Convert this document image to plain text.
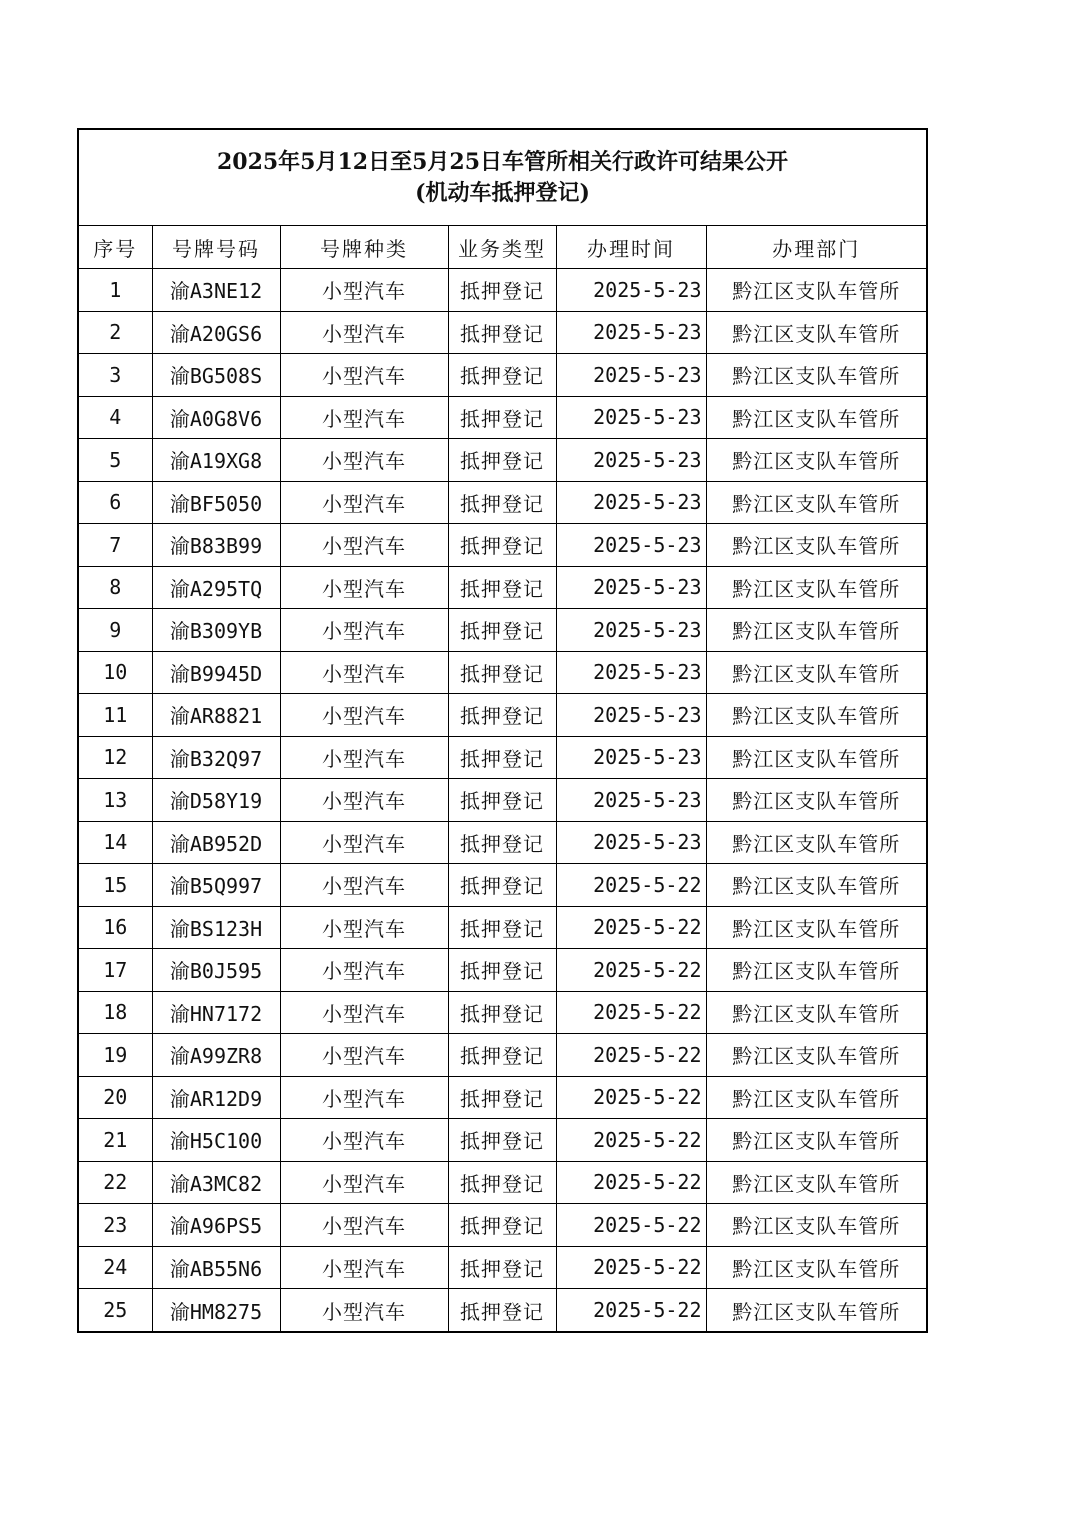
2025年5月12日至5月25日车管所相关行政许可结果公开
(机动车抵押登记)
序号	号牌号码	号牌种类	业务类型	办理时间	办理部门
1	渝A3NE12	小型汽车	抵押登记	2025-5-23	黔江区支队车管所
2	渝A20GS6	小型汽车	抵押登记	2025-5-23	黔江区支队车管所
3	渝BG508S	小型汽车	抵押登记	2025-5-23	黔江区支队车管所
4	渝A0G8V6	小型汽车	抵押登记	2025-5-23	黔江区支队车管所
5	渝A19XG8	小型汽车	抵押登记	2025-5-23	黔江区支队车管所
6	渝BF5050	小型汽车	抵押登记	2025-5-23	黔江区支队车管所
7	渝B83B99	小型汽车	抵押登记	2025-5-23	黔江区支队车管所
8	渝A295TQ	小型汽车	抵押登记	2025-5-23	黔江区支队车管所
9	渝B309YB	小型汽车	抵押登记	2025-5-23	黔江区支队车管所
10	渝B9945D	小型汽车	抵押登记	2025-5-23	黔江区支队车管所
11	渝AR8821	小型汽车	抵押登记	2025-5-23	黔江区支队车管所
12	渝B32Q97	小型汽车	抵押登记	2025-5-23	黔江区支队车管所
13	渝D58Y19	小型汽车	抵押登记	2025-5-23	黔江区支队车管所
14	渝AB952D	小型汽车	抵押登记	2025-5-23	黔江区支队车管所
15	渝B5Q997	小型汽车	抵押登记	2025-5-22	黔江区支队车管所
16	渝BS123H	小型汽车	抵押登记	2025-5-22	黔江区支队车管所
17	渝B0J595	小型汽车	抵押登记	2025-5-22	黔江区支队车管所
18	渝HN7172	小型汽车	抵押登记	2025-5-22	黔江区支队车管所
19	渝A99ZR8	小型汽车	抵押登记	2025-5-22	黔江区支队车管所
20	渝AR12D9	小型汽车	抵押登记	2025-5-22	黔江区支队车管所
21	渝H5C100	小型汽车	抵押登记	2025-5-22	黔江区支队车管所
22	渝A3MC82	小型汽车	抵押登记	2025-5-22	黔江区支队车管所
23	渝A96PS5	小型汽车	抵押登记	2025-5-22	黔江区支队车管所
24	渝AB55N6	小型汽车	抵押登记	2025-5-22	黔江区支队车管所
25	渝HM8275	小型汽车	抵押登记	2025-5-22	黔江区支队车管所
